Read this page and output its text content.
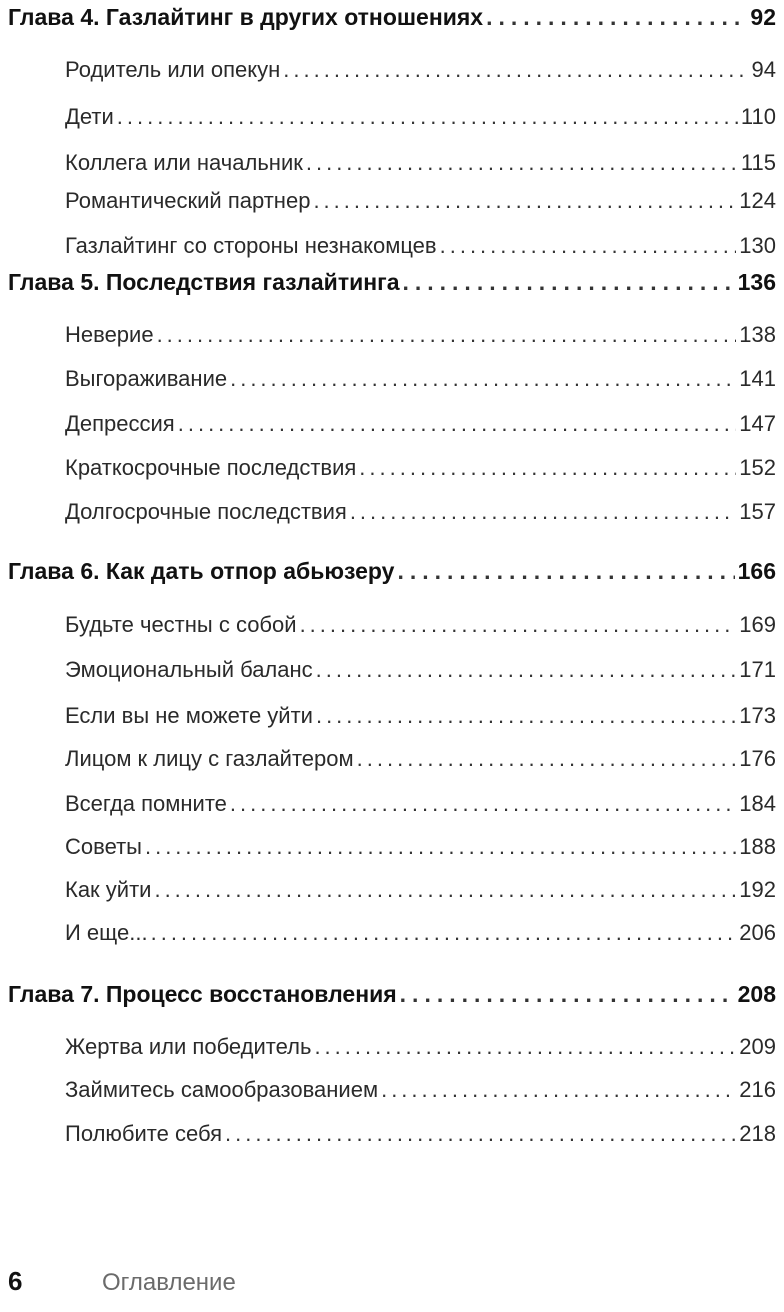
Глава 4. Газлайтинг в других отношениях .....	92
Родитель или опекун .....	94
Дети .....	110
Коллега или начальник .....	115
Романтический партнер .....	124
Газлайтинг со стороны незнакомцев .....	130
Глава 5. Последствия газлайтинга .....	136
Неверие .....	138
Выгораживание .....	141
Депрессия .....	147
Краткосрочные последствия .....	152
Долгосрочные последствия .....	157
Глава 6. Как дать отпор абьюзеру .....	166
Будьте честны с собой .....	169
Эмоциональный баланс .....	171
Если вы не можете уйти .....	173
Лицом к лицу с газлайтером .....	176
Всегда помните .....	184
Советы .....	188
Как уйти .....	192
И еще... .....	206
Глава 7. Процесс восстановления .....	208
Жертва или победитель .....	209
Займитесь самообразованием .....	216
Полюбите себя .....	218
6	Оглавление
